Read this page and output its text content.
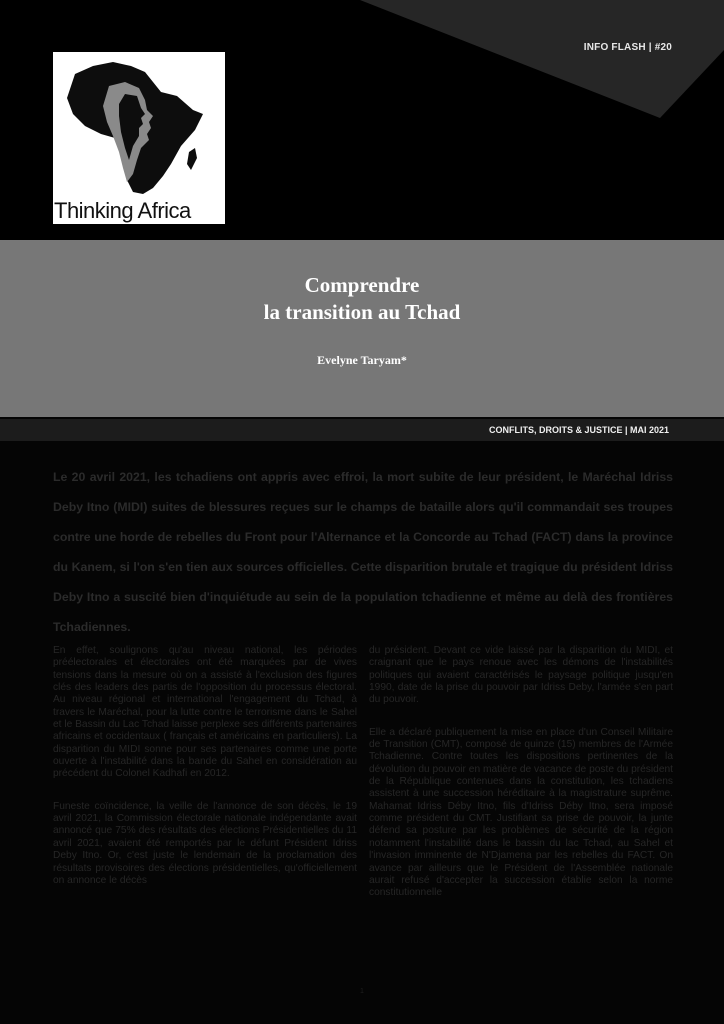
INFO FLASH | #20
Thinking Africa
Comprendre
la transition au Tchad
Evelyne Taryam*
CONFLITS, DROITS & JUSTICE | MAI 2021
Le 20 avril 2021, les tchadiens ont appris avec effroi, la mort subite de leur président, le Maréchal Idriss Deby Itno (MIDI) suites de blessures reçues sur le champs de bataille alors qu'il commandait ses troupes contre une horde de rebelles du Front pour l'Alternance et la Concorde au Tchad (FACT) dans la province du Kanem, si l'on s'en tien aux sources officielles. Cette disparition brutale et tragique du président Idriss Deby Itno a suscité bien d'inquiétude au sein de la population tchadienne et même au delà des frontières Tchadiennes.

En effet, soulignons qu'au niveau national, les périodes préélectorales et électorales ont été marquées par de vives tensions dans la mesure où on a assisté à l'exclusion des figures clés des leaders des partis de l'opposition du processus électoral. Au niveau régional et international l'engagement du Tchad, à travers le Maréchal, pour la lutte contre le terrorisme dans le Sahel et le Bassin du Lac Tchad laisse perplexe ses différents partenaires africains et occidentaux ( français et américains en particuliers). La disparition du MIDI sonne pour ses partenaires comme une porte ouverte à l'instabilité dans la bande du Sahel en considération au précédent du Colonel Kadhafi en 2012.

Funeste coïncidence, la veille de l'annonce de son décès, le 19 avril 2021, la Commission électorale nationale indépendante avait annoncé que 75% des résultats des élections Présidentielles du 11 avril 2021, avaient été remportés par le défunt Président Idriss Deby Itno. Or, c'est juste le lendemain de la proclamation des résultats provisoires des élections présidentielles, qu'officiellement on annonce le décès

du président. Devant ce vide laissé par la disparition du MIDI, et craignant que le pays renoue avec les démons de l'instabilités politiques qui avaient caractérisés le paysage politique jusqu'en 1990, date de la prise du pouvoir par Idriss Deby, l'armée s'en part du pouvoir.

Elle a déclaré publiquement la mise en place d'un Conseil Militaire de Transition (CMT), composé de quinze (15) membres de l'Armée Tchadienne. Contre toutes les dispositions pertinentes de la dévolution du pouvoir en matière de vacance de poste du président de la République contenues dans la constitution, les tchadiens assistent à une succession héréditaire à la magistrature suprême. Mahamat Idriss Déby Itno, fils d'Idriss Déby Itno, sera imposé comme président du CMT. Justifiant sa prise de pouvoir, la junte défend sa posture par les problèmes de sécurité de la région notamment l'instabilité dans le bassin du lac Tchad, au Sahel et l'invasion imminente de N'Djamena par les rebelles du FACT. On avance par ailleurs que le Président de l'Assemblée nationale aurait refusé d'accepter la succession établie selon la norme constitutionnelle

1
